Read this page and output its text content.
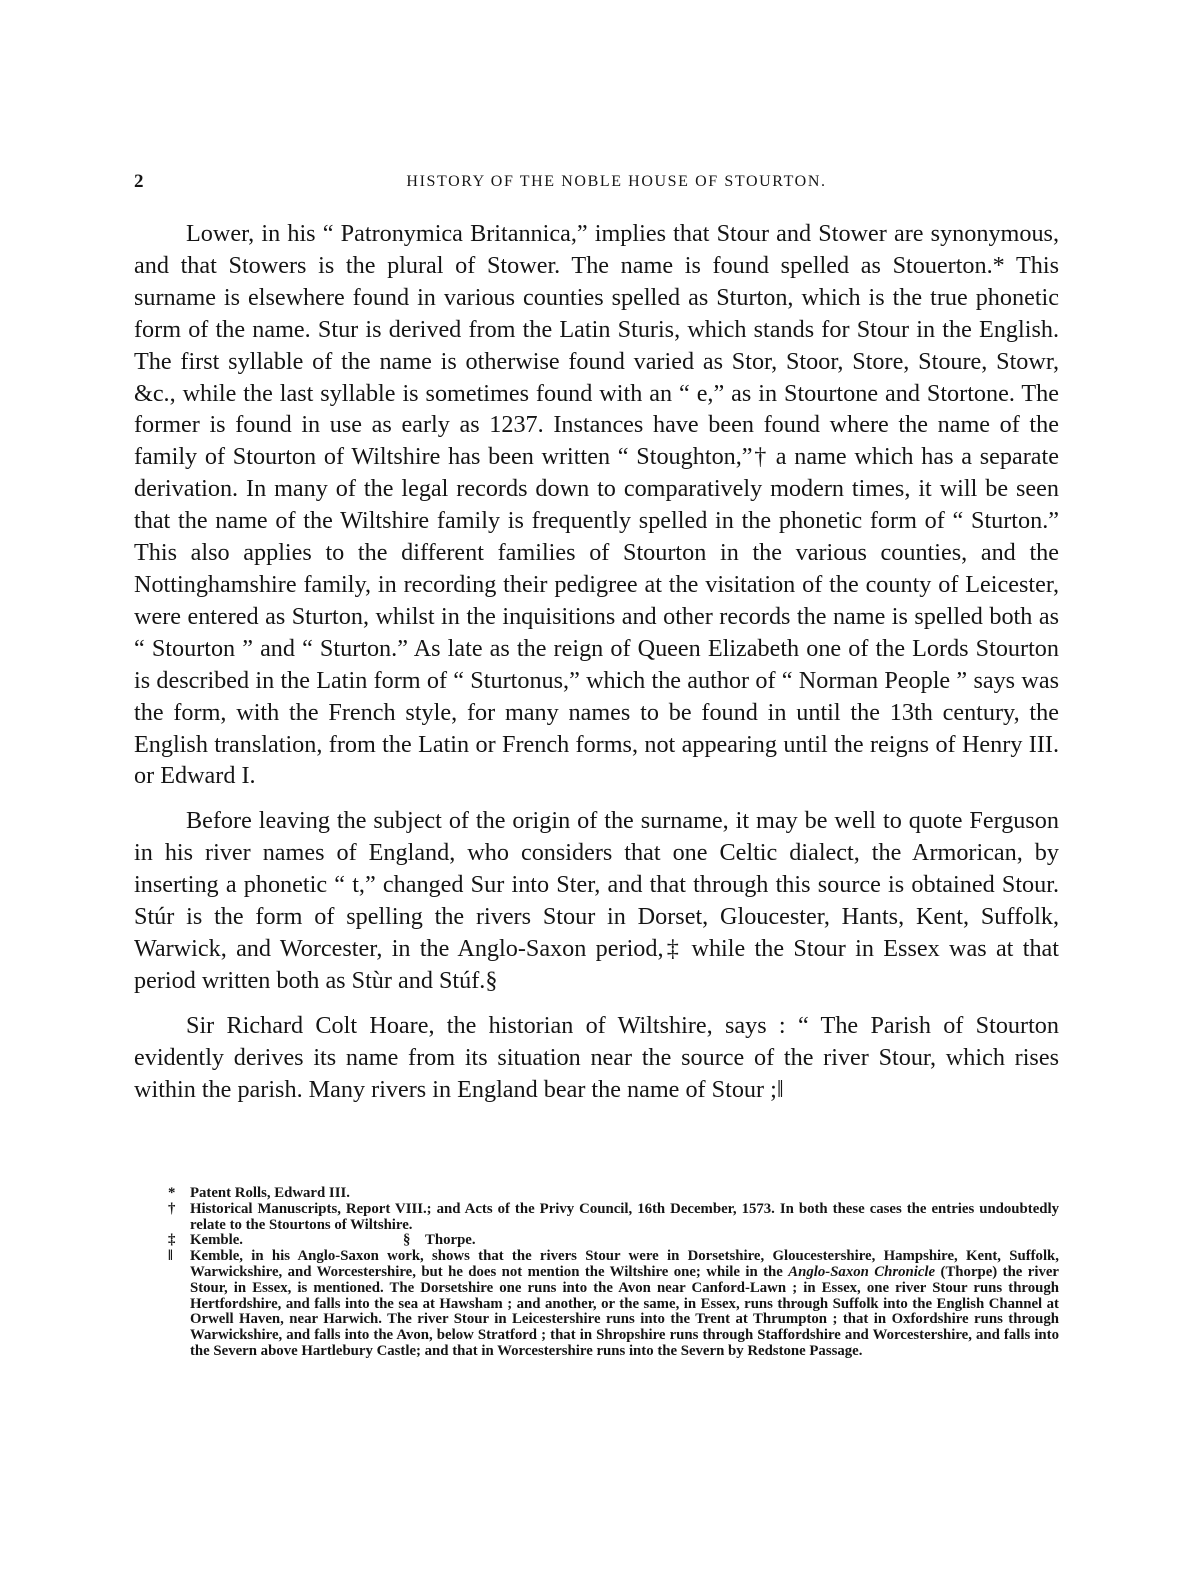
2	HISTORY OF THE NOBLE HOUSE OF STOURTON.

Lower, in his “ Patronymica Britannica,” implies that Stour and Stower are synonymous, and that Stowers is the plural of Stower. The name is found spelled as Stouerton.* This surname is elsewhere found in various counties spelled as Sturton, which is the true phonetic form of the name. Stur is derived from the Latin Sturis, which stands for Stour in the English. The first syllable of the name is otherwise found varied as Stor, Stoor, Store, Stoure, Stowr, &c., while the last syllable is sometimes found with an “ e,” as in Stourtone and Stortone. The former is found in use as early as 1237. Instances have been found where the name of the family of Stourton of Wiltshire has been written “ Stoughton,”† a name which has a separate derivation. In many of the legal records down to comparatively modern times, it will be seen that the name of the Wiltshire family is frequently spelled in the phonetic form of “ Sturton.” This also applies to the different families of Stourton in the various counties, and the Nottinghamshire family, in recording their pedigree at the visitation of the county of Leicester, were entered as Sturton, whilst in the inquisitions and other records the name is spelled both as “ Stourton ” and “ Sturton.” As late as the reign of Queen Elizabeth one of the Lords Stourton is described in the Latin form of “ Sturtonus,” which the author of “ Norman People ” says was the form, with the French style, for many names to be found in until the 13th century, the English translation, from the Latin or French forms, not appearing until the reigns of Henry III. or Edward I.

Before leaving the subject of the origin of the surname, it may be well to quote Ferguson in his river names of England, who considers that one Celtic dialect, the Armorican, by inserting a phonetic “ t,” changed Sur into Ster, and that through this source is obtained Stour. Stúr is the form of spelling the rivers Stour in Dorset, Gloucester, Hants, Kent, Suffolk, Warwick, and Worcester, in the Anglo-Saxon period,‡ while the Stour in Essex was at that period written both as Stùr and Stúf.§

Sir Richard Colt Hoare, the historian of Wiltshire, says : “ The Parish of Stourton evidently derives its name from its situation near the source of the river Stour, which rises within the parish. Many rivers in England bear the name of Stour ;‖

* Patent Rolls, Edward III.

† Historical Manuscripts, Report VIII.; and Acts of the Privy Council, 16th December, 1573. In both these cases the entries undoubtedly relate to the Stourtons of Wiltshire.

‡ Kemble.	§ Thorpe.

‖ Kemble, in his Anglo-Saxon work, shows that the rivers Stour were in Dorsetshire, Gloucestershire, Hampshire, Kent, Suffolk, Warwickshire, and Worcestershire, but he does not mention the Wiltshire one; while in the Anglo-Saxon Chronicle (Thorpe) the river Stour, in Essex, is mentioned. The Dorsetshire one runs into the Avon near Canford-Lawn ; in Essex, one river Stour runs through Hertfordshire, and falls into the sea at Hawsham ; and another, or the same, in Essex, runs through Suffolk into the English Channel at Orwell Haven, near Harwich. The river Stour in Leicestershire runs into the Trent at Thrumpton ; that in Oxfordshire runs through Warwickshire, and falls into the Avon, below Stratford ; that in Shropshire runs through Staffordshire and Worcestershire, and falls into the Severn above Hartlebury Castle; and that in Worcestershire runs into the Severn by Redstone Passage.
